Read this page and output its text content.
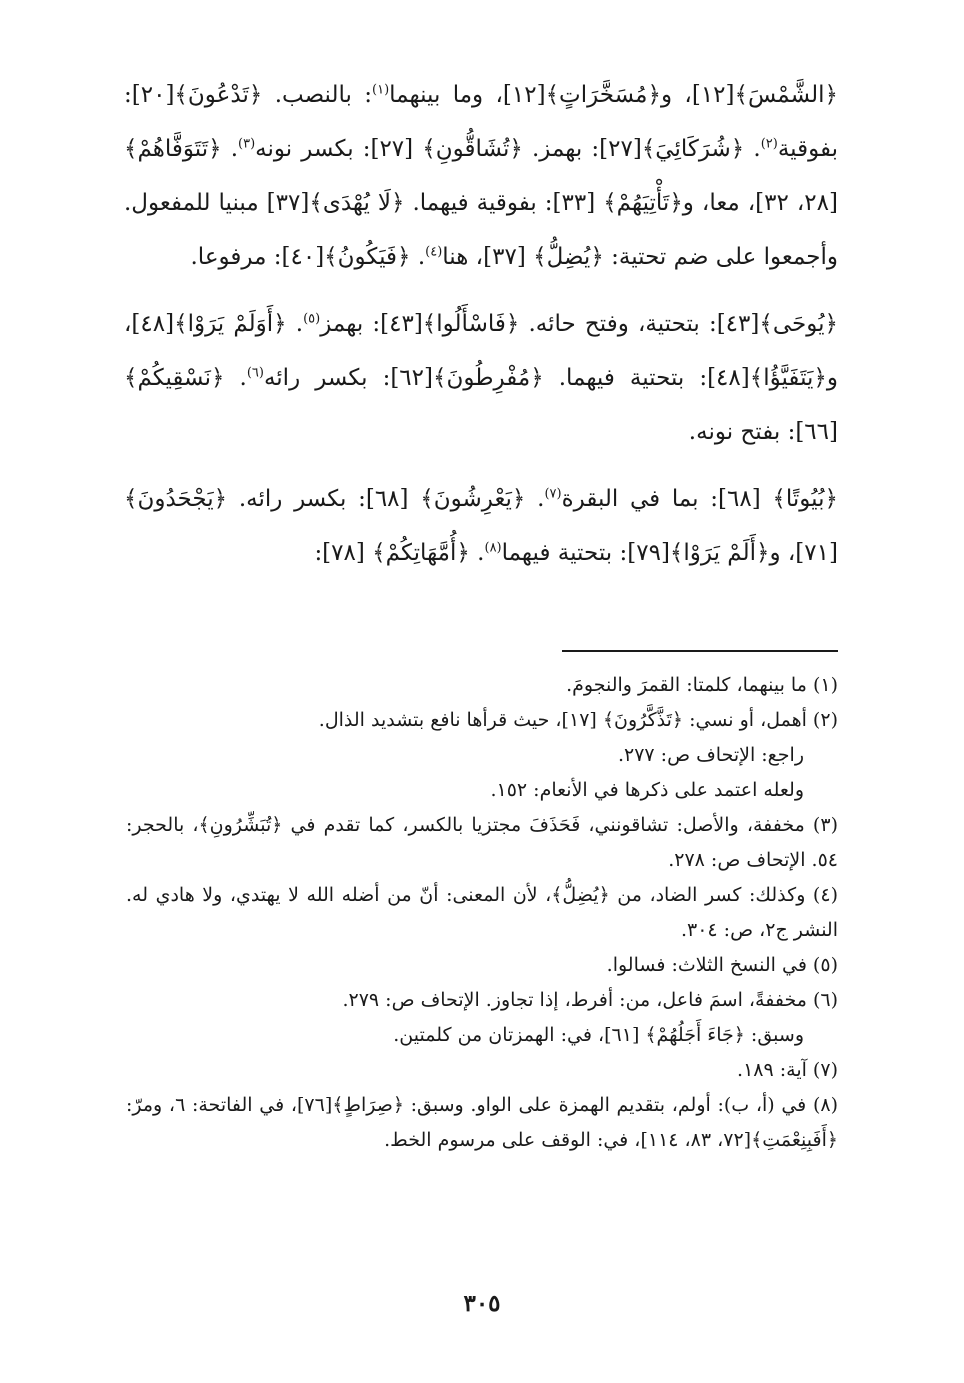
﴿الشَّمْسَ﴾[١٢]، و﴿مُسَخَّرَاتٍ﴾[١٢]، وما بينهما$^{(١)}$: بالنصب. ﴿تَدْعُونَ﴾[٢٠]: بفوقية$^{(٢)}$. ﴿شُرَكَائِيَ﴾[٢٧]: بهمز. ﴿تُشَاقُّونِ﴾ [٢٧]: بكسر نونه$^{(٣)}$. ﴿تَتَوَفَّاهُمْ﴾ [٢٨، ٣٢]، معا، و﴿تَأْتِيَهُمْ﴾ [٣٣]: بفوقية فيهما. ﴿لَا يُهْدَى﴾[٣٧] مبنيا للمفعول. وأجمعوا على ضم تحتية: ﴿يُضِلُّ﴾ [٣٧]، هنا$^{(٤)}$. ﴿فَيَكُونُ﴾[٤٠]: مرفوعا.

﴿يُوحَى﴾[٤٣]: بتحتية، وفتح حائه. ﴿فَاسْأَلُوا﴾[٤٣]: بهمز$^{(٥)}$. ﴿أَوَلَمْ يَرَوْا﴾[٤٨]، و﴿يَتَفَيَّؤُا﴾[٤٨]: بتحتية فيهما. ﴿مُفْرِطُونَ﴾[٦٢]: بكسر رائه$^{(٦)}$. ﴿نَسْقِيكُمْ﴾ [٦٦]: بفتح نونه.

﴿بُيُوتًا﴾ [٦٨]: بما في البقرة$^{(٧)}$. ﴿يَعْرِشُونَ﴾ [٦٨]: بكسر رائه. ﴿يَجْحَدُونَ﴾[٧١]، و﴿أَلَمْ يَرَوْا﴾[٧٩]: بتحتية فيهما$^{(٨)}$. ﴿أُمَّهَاتِكُمْ﴾ [٧٨]:

(١) ما بينهما، كلمتا: القمرَ والنجومَ.

(٢) أهمل، أو نسي: ﴿تَذَّكَّرُونَ﴾ [١٧]، حيث قرأها نافع بتشديد الذال.

راجع: الإتحاف ص: ٢٧٧.

ولعله اعتمد على ذكرها في الأنعام: ١٥٢.

(٣) مخففة، والأصل: تشاقونني، فَحَذَفَ مجتزيا بالكسر، كما تقدم في ﴿تُبَشِّرُونِ﴾، بالحجر: ٥٤. الإتحاف ص: ٢٧٨.

(٤) وكذلك: كسر الضاد، من ﴿يُضِلُّ﴾، لأن المعنى: أنّ من أضله الله لا يهتدي، ولا هادي له. النشر ج٢، ص: ٣٠٤.

(٥) في النسخ الثلاث: فسالوا.

(٦) مخففةً، اسمَ فاعل، من: أفرط، إذا تجاوز. الإتحاف ص: ٢٧٩.

وسبق: ﴿جَاءَ أَجَلُهُمْ﴾ [٦١]، في: الهمزتان من كلمتين.

(٧) آية: ١٨٩.

(٨) في (أ، ب): أولم، بتقديم الهمزة على الواو. وسبق: ﴿صِرَاطٍ﴾[٧٦]، في الفاتحة: ٦، ومرّ: ﴿أَفَبِنِعْمَتِ﴾[٧٢، ٨٣، ١١٤]، في: الوقف على مرسوم الخط.

٣٠٥
